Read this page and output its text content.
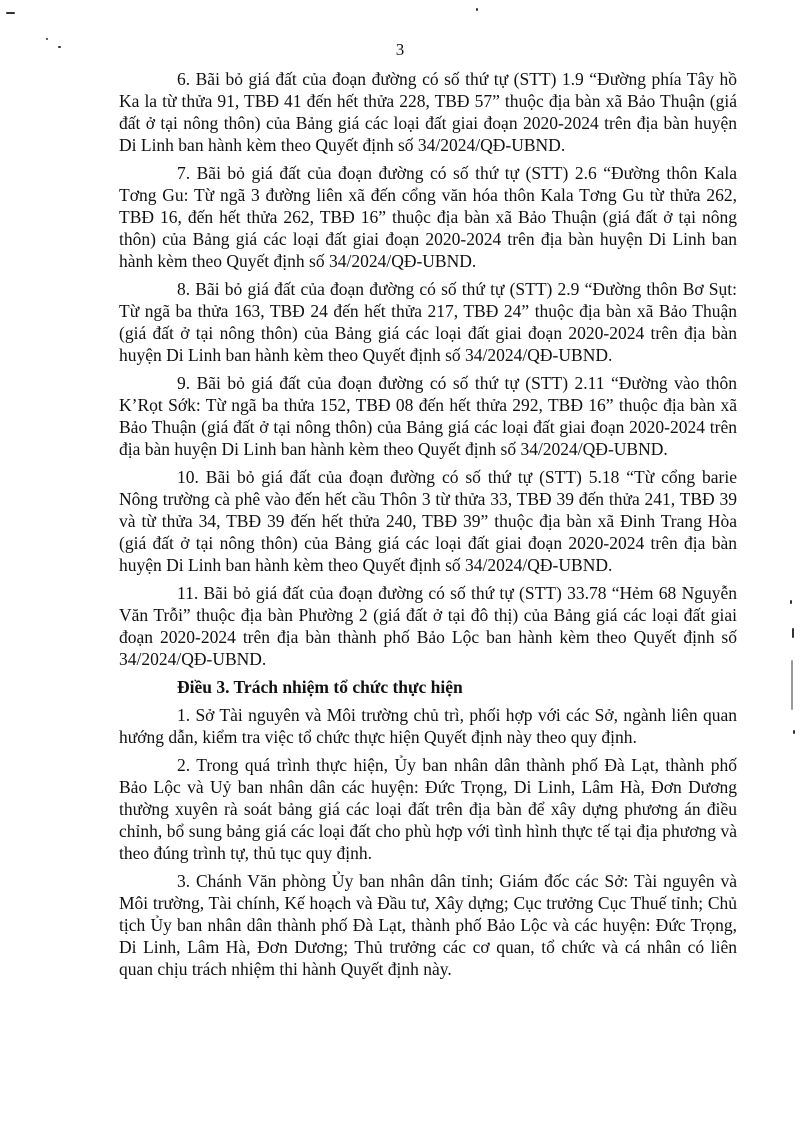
3

6. Bãi bỏ giá đất của đoạn đường có số thứ tự (STT) 1.9 “Đường phía Tây hồ Ka la từ thửa 91, TBĐ 41 đến hết thửa 228, TBĐ 57” thuộc địa bàn xã Bảo Thuận (giá đất ở tại nông thôn) của Bảng giá các loại đất giai đoạn 2020-2024 trên địa bàn huyện Di Linh ban hành kèm theo Quyết định số 34/2024/QĐ-UBND.

7. Bãi bỏ giá đất của đoạn đường có số thứ tự (STT) 2.6 “Đường thôn Kala Tơng Gu: Từ ngã 3 đường liên xã đến cổng văn hóa thôn Kala Tơng Gu từ thửa 262, TBĐ 16, đến hết thửa 262, TBĐ 16” thuộc địa bàn xã Bảo Thuận (giá đất ở tại nông thôn) của Bảng giá các loại đất giai đoạn 2020-2024 trên địa bàn huyện Di Linh ban hành kèm theo Quyết định số 34/2024/QĐ-UBND.

8. Bãi bỏ giá đất của đoạn đường có số thứ tự (STT) 2.9 “Đường thôn Bơ Sụt: Từ ngã ba thửa 163, TBĐ 24 đến hết thửa 217, TBĐ 24” thuộc địa bàn xã Bảo Thuận (giá đất ở tại nông thôn) của Bảng giá các loại đất giai đoạn 2020-2024 trên địa bàn huyện Di Linh ban hành kèm theo Quyết định số 34/2024/QĐ-UBND.

9. Bãi bỏ giá đất của đoạn đường có số thứ tự (STT) 2.11 “Đường vào thôn K’Rọt Sớk: Từ ngã ba thửa 152, TBĐ 08 đến hết thửa 292, TBĐ 16” thuộc địa bàn xã Bảo Thuận (giá đất ở tại nông thôn) của Bảng giá các loại đất giai đoạn 2020-2024 trên địa bàn huyện Di Linh ban hành kèm theo Quyết định số 34/2024/QĐ-UBND.

10. Bãi bỏ giá đất của đoạn đường có số thứ tự (STT) 5.18 “Từ cổng barie Nông trường cà phê vào đến hết cầu Thôn 3 từ thửa 33, TBĐ 39 đến thửa 241, TBĐ 39 và từ thửa 34, TBĐ 39 đến hết thửa 240, TBĐ 39” thuộc địa bàn xã Đinh Trang Hòa (giá đất ở tại nông thôn) của Bảng giá các loại đất giai đoạn 2020-2024 trên địa bàn huyện Di Linh ban hành kèm theo Quyết định số 34/2024/QĐ-UBND.

11. Bãi bỏ giá đất của đoạn đường có số thứ tự (STT) 33.78 “Hẻm 68 Nguyễn Văn Trỗi” thuộc địa bàn Phường 2 (giá đất ở tại đô thị) của Bảng giá các loại đất giai đoạn 2020-2024 trên địa bàn thành phố Bảo Lộc ban hành kèm theo Quyết định số 34/2024/QĐ-UBND.

Điều 3. Trách nhiệm tổ chức thực hiện

1. Sở Tài nguyên và Môi trường chủ trì, phối hợp với các Sở, ngành liên quan hướng dẫn, kiểm tra việc tổ chức thực hiện Quyết định này theo quy định.

2. Trong quá trình thực hiện, Ủy ban nhân dân thành phố Đà Lạt, thành phố Bảo Lộc và Uỷ ban nhân dân các huyện: Đức Trọng, Di Linh, Lâm Hà, Đơn Dương thường xuyên rà soát bảng giá các loại đất trên địa bàn để xây dựng phương án điều chỉnh, bổ sung bảng giá các loại đất cho phù hợp với tình hình thực tế tại địa phương và theo đúng trình tự, thủ tục quy định.

3. Chánh Văn phòng Ủy ban nhân dân tỉnh; Giám đốc các Sở: Tài nguyên và Môi trường, Tài chính, Kế hoạch và Đầu tư, Xây dựng; Cục trưởng Cục Thuế tỉnh; Chủ tịch Ủy ban nhân dân thành phố Đà Lạt, thành phố Bảo Lộc và các huyện: Đức Trọng, Di Linh, Lâm Hà, Đơn Dương; Thủ trưởng các cơ quan, tổ chức và cá nhân có liên quan chịu trách nhiệm thi hành Quyết định này.
